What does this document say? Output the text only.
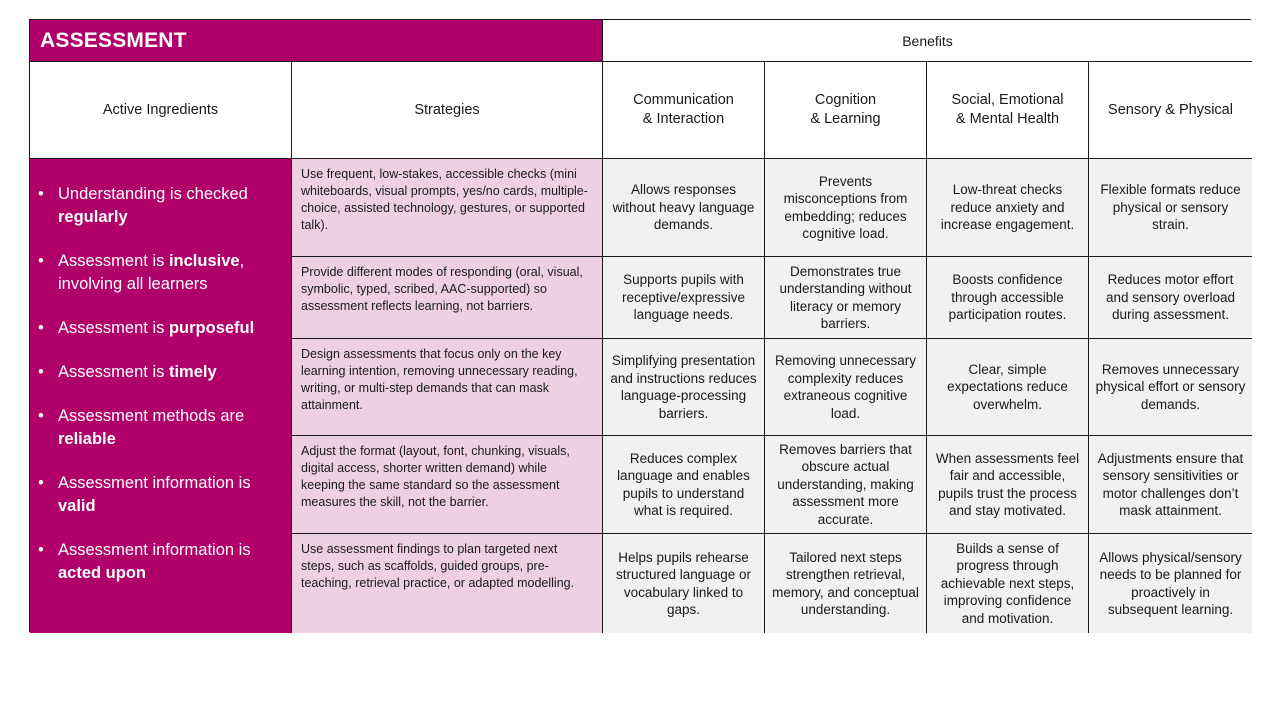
ASSESSMENT	Benefits
Active Ingredients	Strategies
Communication
& Interaction
Cognition
& Learning
Social, Emotional
& Mental Health
Sensory & Physical
• Understanding is checked regularly
• Assessment is inclusive, involving all learners
• Assessment is purposeful
• Assessment is timely
• Assessment methods are reliable
• Assessment information is valid
• Assessment information is acted upon
Use frequent, low-stakes, accessible checks (mini whiteboards, visual prompts, yes/no cards, multiple-choice, assisted technology, gestures, or supported talk).
Allows responses without heavy language demands.
Prevents misconceptions from embedding; reduces cognitive load.
Low-threat checks reduce anxiety and increase engagement.
Flexible formats reduce physical or sensory strain.
Provide different modes of responding (oral, visual, symbolic, typed, scribed, AAC-supported) so assessment reflects learning, not barriers.
Supports pupils with receptive/expressive language needs.
Demonstrates true understanding without literacy or memory barriers.
Boosts confidence through accessible participation routes.
Reduces motor effort and sensory overload during assessment.
Design assessments that focus only on the key learning intention, removing unnecessary reading, writing, or multi-step demands that can mask attainment.
Simplifying presentation and instructions reduces language-processing barriers.
Removing unnecessary complexity reduces extraneous cognitive load.
Clear, simple expectations reduce overwhelm.
Removes unnecessary physical effort or sensory demands.
Adjust the format (layout, font, chunking, visuals, digital access, shorter written demand) while keeping the same standard so the assessment measures the skill, not the barrier.
Reduces complex language and enables pupils to understand what is required.
Removes barriers that obscure actual understanding, making assessment more accurate.
When assessments feel fair and accessible, pupils trust the process and stay motivated.
Adjustments ensure that sensory sensitivities or motor challenges don’t mask attainment.
Use assessment findings to plan targeted next steps, such as scaffolds, guided groups, pre-teaching, retrieval practice, or adapted modelling.
Helps pupils rehearse structured language or vocabulary linked to gaps.
Tailored next steps strengthen retrieval, memory, and conceptual understanding.
Builds a sense of progress through achievable next steps, improving confidence and motivation.
Allows physical/sensory needs to be planned for proactively in subsequent learning.
